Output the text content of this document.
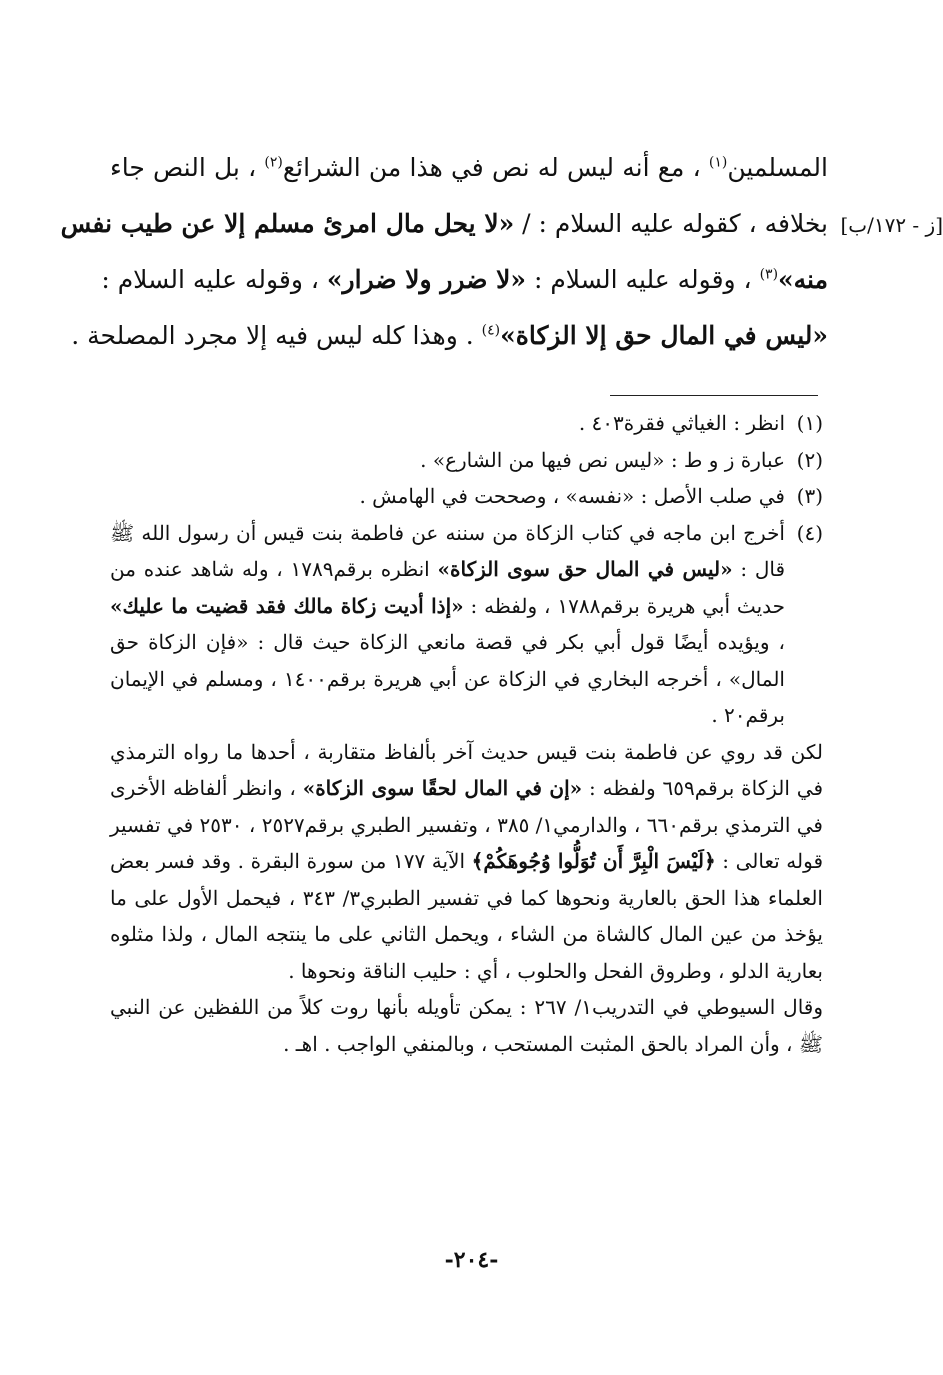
المسلمين$^{(١)}$ ، مع أنه ليس له نص في هذا من الشرائع$^{(٢)}$ ، بل النص جاء
بخلافه ، كقوله عليه السلام : / «لا يحل مال امرئ مسلم إلا عن طيب نفس
منه»$^{(٣)}$ ، وقوله عليه السلام : «لا ضرر ولا ضرار» ، وقوله عليه السلام :
«ليس في المال حق إلا الزكاة»$^{(٤)}$ . وهذا كله ليس فيه إلا مجرد المصلحة .
[ز - ١٧٢/ب]
(١)
انظر : الغياثي فقرة٤٠٣ .
(٢)
عبارة ز و ط : «ليس نص فيها من الشارع» .
(٣)
في صلب الأصل : «نفسه» ، وصححت في الهامش .
(٤)
أخرج ابن ماجه في كتاب الزكاة من سننه عن فاطمة بنت قيس أن رسول الله ﷺ قال : «ليس في المال حق سوى الزكاة» انظره برقم١٧٨٩ ، وله شاهد عنده من حديث أبي هريرة برقم١٧٨٨ ، ولفظه : «إذا أديت زكاة مالك فقد قضيت ما عليك» ، ويؤيده أيضًا قول أبي بكر في قصة مانعي الزكاة حيث قال : «فإن الزكاة حق المال» ، أخرجه البخاري في الزكاة عن أبي هريرة برقم١٤٠٠ ، ومسلم في الإيمان برقم٢٠ .
لكن قد روي عن فاطمة بنت قيس حديث آخر بألفاظ متقاربة ، أحدها ما رواه الترمذي في الزكاة برقم٦٥٩ ولفظه : «إن في المال لحقًا سوى الزكاة» ، وانظر ألفاظه الأخرى في الترمذي برقم٦٦٠ ، والدارمي١/ ٣٨٥ ، وتفسير الطبري برقم٢٥٢٧ ، ٢٥٣٠ في تفسير قوله تعالى : ﴿لَيْسَ الْبِرَّ أَن تُوَلُّوا وُجُوهَكُمْ﴾ الآية ١٧٧ من سورة البقرة . وقد فسر بعض العلماء هذا الحق بالعارية ونحوها كما في تفسير الطبري٣/ ٣٤٣ ، فيحمل الأول على ما يؤخذ من عين المال كالشاة من الشاء ، ويحمل الثاني على ما ينتجه المال ، ولذا مثلوه بعارية الدلو ، وطروق الفحل والحلوب ، أي : حليب الناقة ونحوها .
وقال السيوطي في التدريب١/ ٢٦٧ : يمكن تأويله بأنها روت كلاً من اللفظين عن النبي ﷺ ، وأن المراد بالحق المثبت المستحب ، وبالمنفي الواجب . اهـ .
-٢٠٤-
